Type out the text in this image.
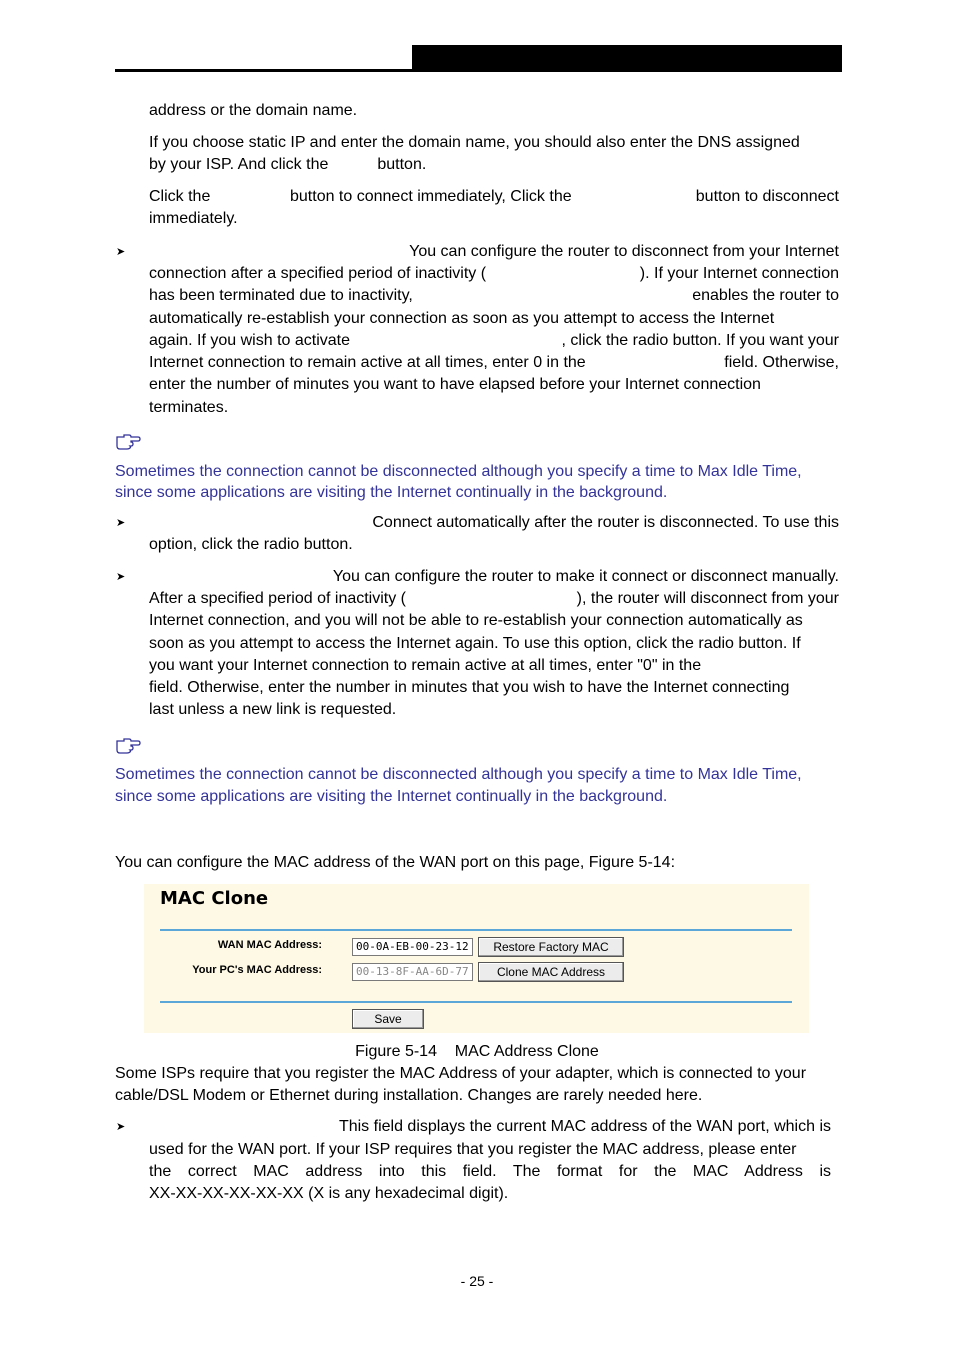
address or the domain name.
If you choose static IP and enter the domain name, you should also enter the DNS assigned
by your ISP. And click the	button.
Click the	button to connect immediately, Click the	button to disconnect
immediately.
➤	You can configure the router to disconnect from your Internet
connection after a specified period of inactivity (	). If your Internet connection
has been terminated due to inactivity,	enables the router to
automatically re-establish your connection as soon as you attempt to access the Internet
again. If you wish to activate	, click the radio button. If you want your
Internet connection to remain active at all times, enter 0 in the	field. Otherwise,
enter the number of minutes you want to have elapsed before your Internet connection
terminates.
Sometimes the connection cannot be disconnected although you specify a time to Max Idle Time,
since some applications are visiting the Internet continually in the background.
➤	Connect automatically after the router is disconnected. To use this
option, click the radio button.
➤	You can configure the router to make it connect or disconnect manually.
After a specified period of inactivity (	), the router will disconnect from your
Internet connection, and you will not be able to re-establish your connection automatically as
soon as you attempt to access the Internet again. To use this option, click the radio button. If
you want your Internet connection to remain active at all times, enter "0" in the
field. Otherwise, enter the number in minutes that you wish to have the Internet connecting
last unless a new link is requested.
Sometimes the connection cannot be disconnected although you specify a time to Max Idle Time,
since some applications are visiting the Internet continually in the background.
You can configure the MAC address of the WAN port on this page, Figure 5-14:
MAC Clone
WAN MAC Address:	00-0A-EB-00-23-12	Restore Factory MAC
Your PC's MAC Address:	00-13-8F-AA-6D-77	Clone MAC Address
Save
Figure 5-14    MAC Address Clone
Some ISPs require that you register the MAC Address of your adapter, which is connected to your
cable/DSL Modem or Ethernet during installation. Changes are rarely needed here.
➤	This field displays the current MAC address of the WAN port, which is
used for the WAN port. If your ISP requires that you register the MAC address, please enter
the correct MAC address into this field. The format for the MAC Address is
XX-XX-XX-XX-XX-XX (X is any hexadecimal digit).
- 25 -
